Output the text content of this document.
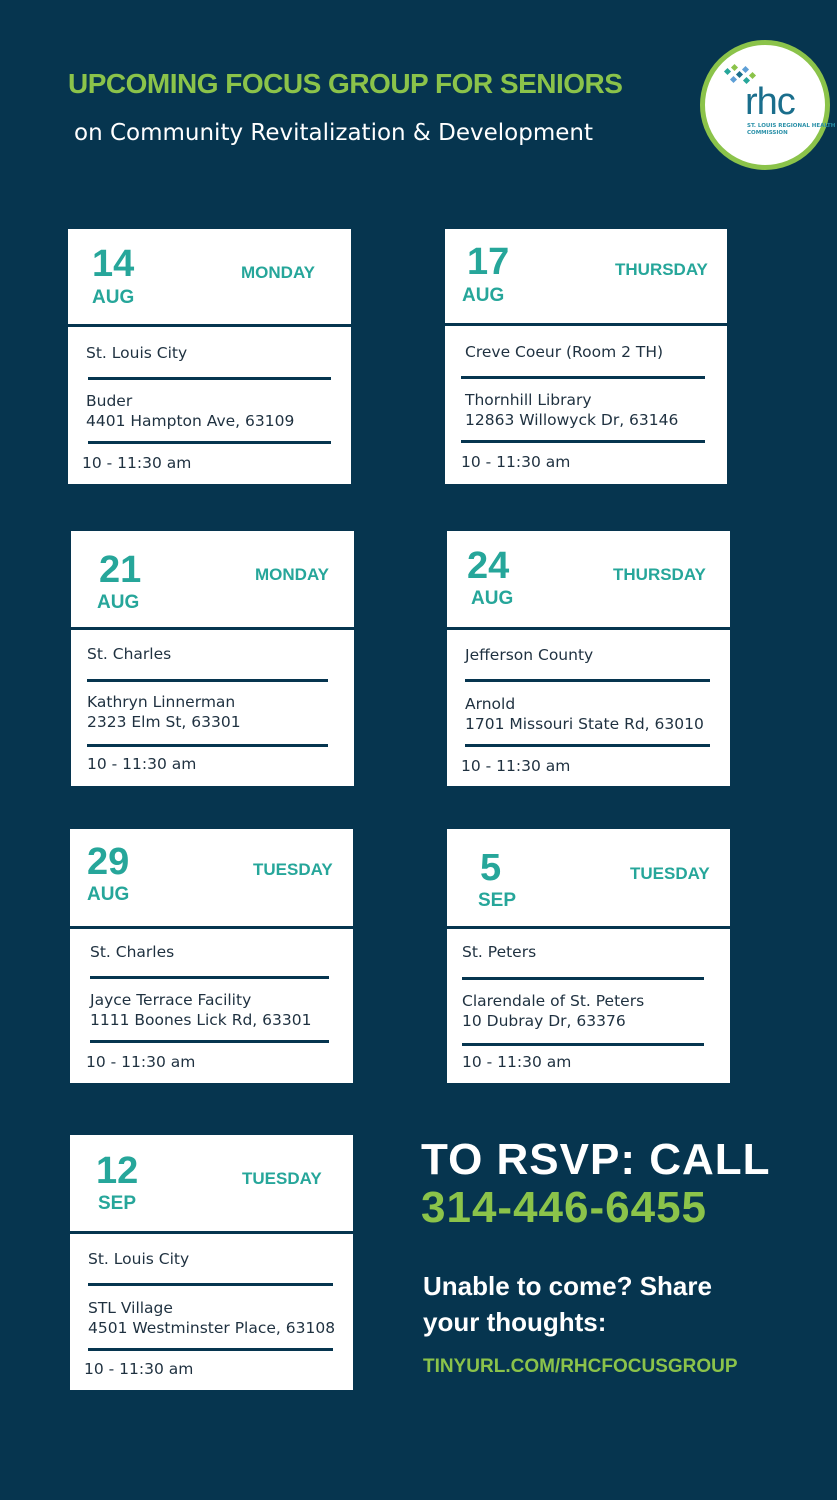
UPCOMING FOCUS GROUP FOR SENIORS
on Community Revitalization & Development
rhc
ST. LOUIS REGIONAL HEALTH COMMISSION
14
AUG
MONDAY
St. Louis City
Buder
4401 Hampton Ave, 63109
10 - 11:30 am
17
AUG
THURSDAY
Creve Coeur (Room 2 TH)
Thornhill Library
12863 Willowyck Dr, 63146
10 - 11:30 am
21
AUG
MONDAY
St. Charles
Kathryn Linnerman
2323 Elm St, 63301
10 - 11:30 am
24
AUG
THURSDAY
Jefferson County
Arnold
1701 Missouri State Rd, 63010
10 - 11:30 am
29
AUG
TUESDAY
St. Charles
Jayce Terrace Facility
1111 Boones Lick Rd, 63301
10 - 11:30 am
5
SEP
TUESDAY
St. Peters
Clarendale of St. Peters
10 Dubray Dr, 63376
10 - 11:30 am
12
SEP
TUESDAY
St. Louis City
STL Village
4501 Westminster Place, 63108
10 - 11:30 am
TO RSVP: CALL
314-446-6455
Unable to come? Share your thoughts:
TINYURL.COM/RHCFOCUSGROUP
